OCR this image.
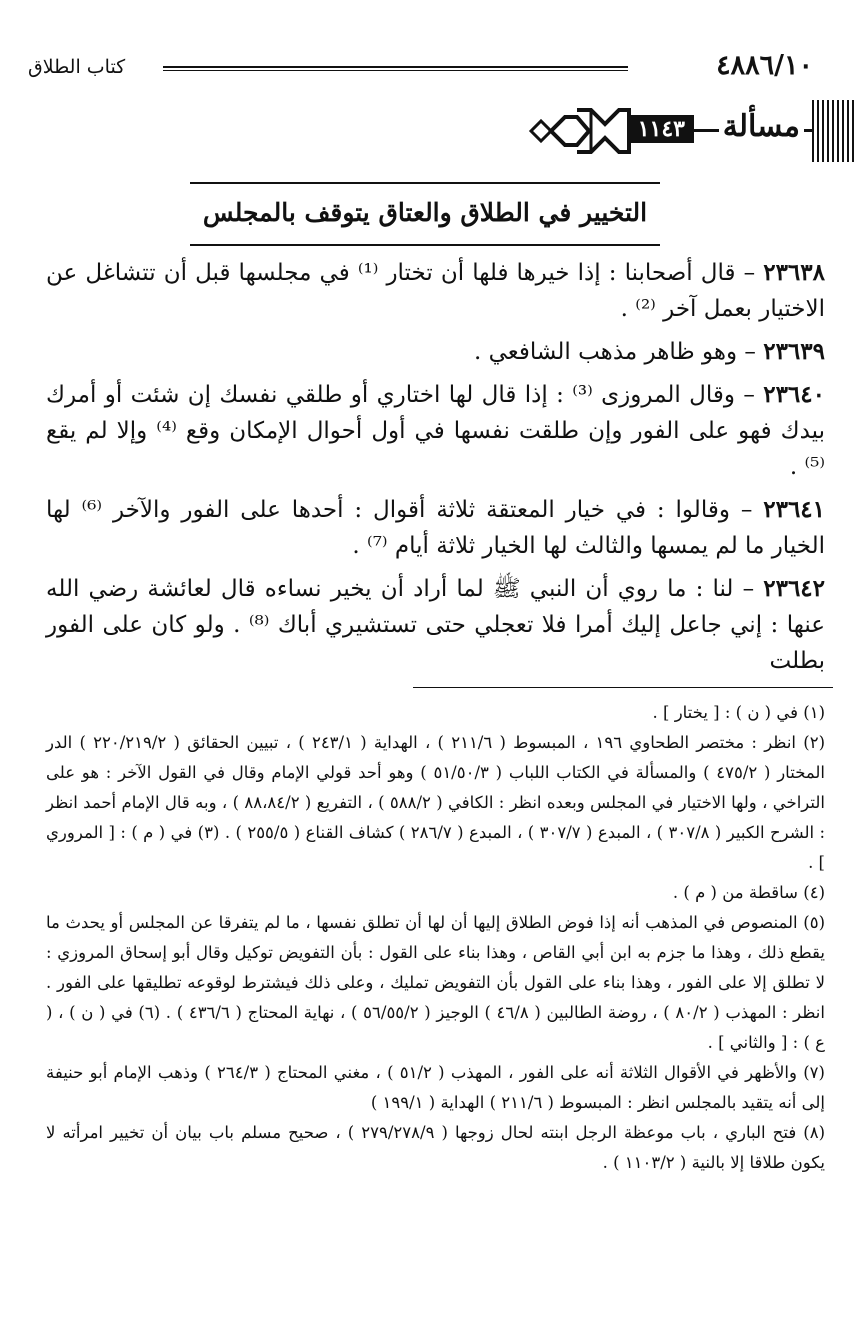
٤٨٨٦/١٠
كتاب الطلاق
مسألة
١١٤٣
التخيير في الطلاق والعتاق يتوقف بالمجلس

٢٣٦٣٨ – قال أصحابنا : إذا خيرها فلها أن تختار ⁽¹⁾ في مجلسها قبل أن تتشاغل عن الاختيار بعمل آخر ⁽²⁾ .

٢٣٦٣٩ – وهو ظاهر مذهب الشافعي .

٢٣٦٤٠ – وقال المروزى ⁽³⁾ : إذا قال لها اختاري أو طلقي نفسك إن شئت أو أمرك بيدك فهو على الفور وإن طلقت نفسها في أول أحوال الإمكان وقع ⁽⁴⁾ وإلا لم يقع ⁽⁵⁾ .

٢٣٦٤١ – وقالوا : في خيار المعتقة ثلاثة أقوال : أحدها على الفور والآخر ⁽⁶⁾ لها الخيار ما لم يمسها والثالث لها الخيار ثلاثة أيام ⁽⁷⁾ .

٢٣٦٤٢ – لنا : ما روي أن النبي ﷺ لما أراد أن يخير نساءه قال لعائشة رضي الله عنها : إني جاعل إليك أمرا فلا تعجلي حتى تستشيري أباك ⁽⁸⁾ . ولو كان على الفور بطلت

(١) في ( ن ) : [ يختار ] .

(٢) انظر : مختصر الطحاوي ١٩٦ ، المبسوط ( ٢١١/٦ ) ، الهداية ( ٢٤٣/١ ) ، تبيين الحقائق ( ٢٢٠/٢١٩/٢ ) الدر المختار ( ٤٧٥/٢ ) والمسألة في الكتاب اللباب ( ٥١/٥٠/٣ ) وهو أحد قولي الإمام وقال في القول الآخر : هو على التراخي ، ولها الاختيار في المجلس وبعده انظر : الكافي ( ٥٨٨/٢ ) ، التفريع ( ٨٨،٨٤/٢ ) ، وبه قال الإمام أحمد انظر : الشرح الكبير ( ٣٠٧/٨ ) ، المبدع ( ٣٠٧/٧ ) ، المبدع ( ٢٨٦/٧ ) كشاف القناع ( ٢٥٥/٥ ) . (٣) في ( م ) : [ المروري ] .

(٤) ساقطة من ( م ) .

(٥) المنصوص في المذهب أنه إذا فوض الطلاق إليها أن لها أن تطلق نفسها ، ما لم يتفرقا عن المجلس أو يحدث ما يقطع ذلك ، وهذا ما جزم به ابن أبي القاص ، وهذا بناء على القول : بأن التفويض توكيل وقال أبو إسحاق المروزي : لا تطلق إلا على الفور ، وهذا بناء على القول بأن التفويض تمليك ، وعلى ذلك فيشترط لوقوعه تطليقها على الفور . انظر : المهذب ( ٨٠/٢ ) ، روضة الطالبين ( ٤٦/٨ ) الوجيز ( ٥٦/٥٥/٢ ) ، نهاية المحتاج ( ٤٣٦/٦ ) . (٦) في ( ن ) ، ( ع ) : [ والثاني ] .

(٧) والأظهر في الأقوال الثلاثة أنه على الفور ، المهذب ( ٥١/٢ ) ، مغني المحتاج ( ٢٦٤/٣ ) وذهب الإمام أبو حنيفة إلى أنه يتقيد بالمجلس انظر : المبسوط ( ٢١١/٦ ) الهداية ( ١٩٩/١ )

(٨) فتح الباري ، باب موعظة الرجل ابنته لحال زوجها ( ٢٧٩/٢٧٨/٩ ) ، صحيح مسلم باب بيان أن تخيير امرأته لا يكون طلاقا إلا بالنية ( ١١٠٣/٢ ) .
